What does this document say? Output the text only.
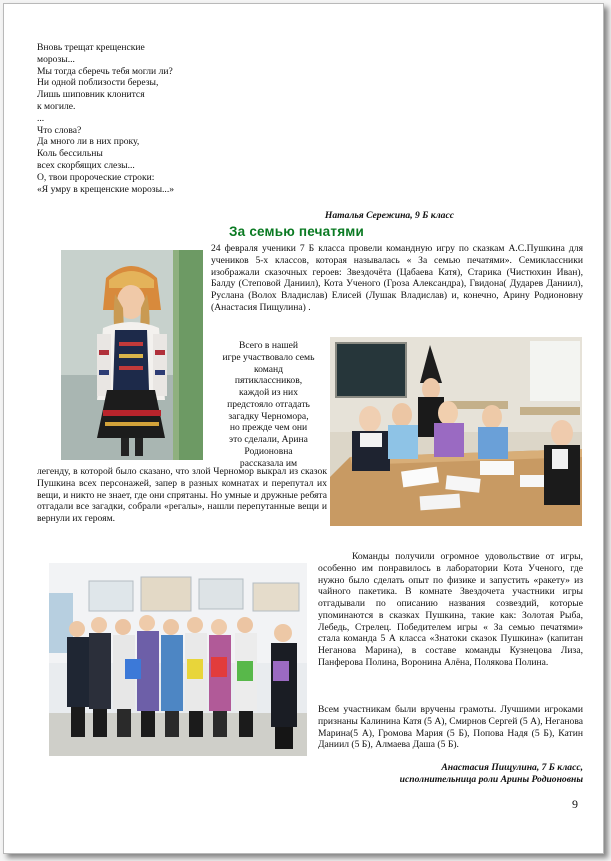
Вновь трещат крещенские
морозы...
Мы тогда сберечь тебя могли ли?
Ни одной поблизости березы,
Лишь шиповник клонится
к могиле.
...
Что слова?
Да много ли в них проку,
Коль бессильны
всех скорбящих слезы...
О, твои пророческие строки:
«Я умру в крещенские морозы...»
Наталья Сережина, 9 Б класс
За семью печатями
24 февраля ученики 7 Б класса провели командную игру по сказкам А.С.Пушкина для учеников 5-х классов, которая называлась « За семью печатями». Семиклассники изображали сказочных героев: Звездочёта (Цабаева Катя), Старика (Чистюхин Иван), Балду (Степовой Даниил), Кота Ученого (Гроза Александра), Гвидона( Дударев Даниил), Руслана (Волох Владислав) Елисей (Лушак Владислав) и, конечно, Арину Родионовну (Анастасия Пищулина) .
Всего в нашей
игре участвовало семь
команд
пятиклассников,
каждой из них
предстояло отгадать
загадку Черномора,
но прежде чем они
это сделали, Арина
Родионовна
рассказала им
легенду, в которой было сказано, что злой Черномор выкрал из сказок Пушкина всех персонажей, запер в разных комнатах и перепутал их вещи, и никто не знает, где они спрятаны. Но умные и дружные ребята отгадали все загадки, собрали «регалы», нашли перепутанные вещи и вернули их героям.
Команды получили огромное удовольствие от игры, особенно им понравилось в лаборатории Кота Ученого, где нужно было сделать опыт по физике и запустить «ракету» из чайного пакетика. В комнате Звездочета участники игры отгадывали по описанию названия созвездий, которые упоминаются в сказках Пушкина, такие как: Золотая Рыба, Лебедь, Стрелец. Победителем игры « За семью печатями» стала команда 5 А класса «Знатоки сказок Пушкина» (капитан Неганова Марина), в составе команды Кузнецова Лиза, Панферова Полина, Воронина Алёна, Полякова Полина.
Всем участникам были вручены грамоты. Лучшими игроками признаны Калинина Катя (5 А), Смирнов Сергей (5 А), Неганова Марина(5 А), Громова Мария (5 Б), Попова Надя (5 Б), Катин Даниил (5 Б), Алмаева Даша (5 Б).
Анастасия Пищулина, 7 Б класс,
исполнительница роли Арины Родионовны
9
